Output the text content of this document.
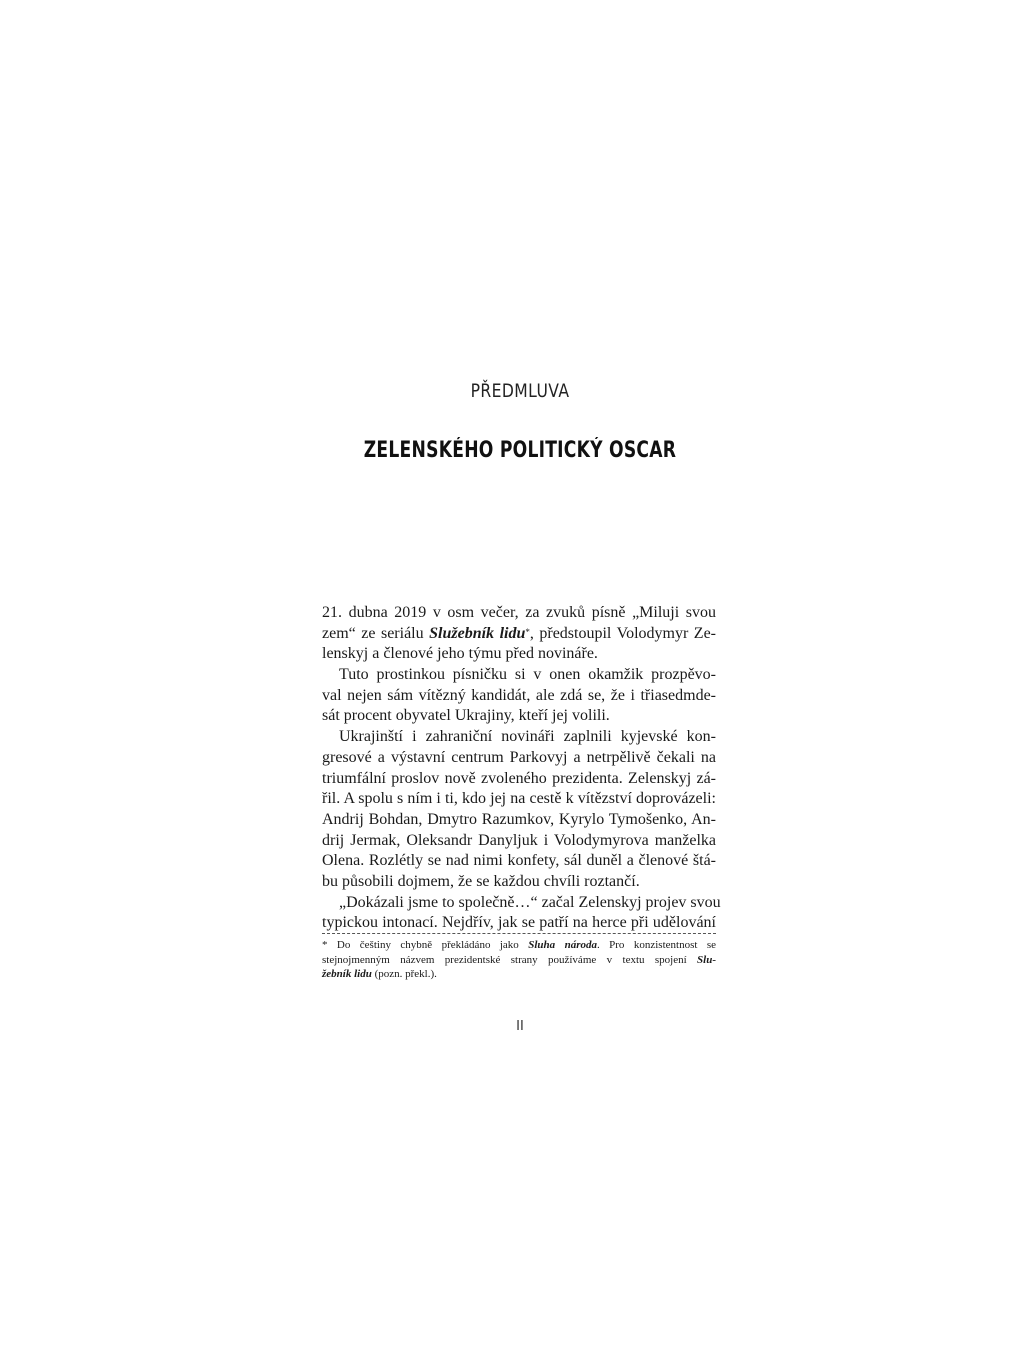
PŘEDMLUVA
ZELENSKÉHO POLITICKÝ OSCAR
21. dubna 2019 v osm večer, za zvuků písně „Miluji svou
zem“ ze seriálu Služebník lidu*, předstoupil Volodymyr Ze-
lenskyj a členové jeho týmu před novináře.
Tuto prostinkou písničku si v onen okamžik prozpěvo-
val nejen sám vítězný kandidát, ale zdá se, že i třiasedmde-
sát procent obyvatel Ukrajiny, kteří jej volili.
Ukrajinští i zahraniční novináři zaplnili kyjevské kon-
gresové a výstavní centrum Parkovyj a netrpělivě čekali na
triumfální proslov nově zvoleného prezidenta. Zelenskyj zá-
řil. A spolu s ním i ti, kdo jej na cestě k vítězství doprovázeli:
Andrij Bohdan, Dmytro Razumkov, Kyrylo Tymošenko, An-
drij Jermak, Oleksandr Danyljuk i Volodymyrova manželka
Olena. Rozlétly se nad nimi konfety, sál duněl a členové štá-
bu působili dojmem, že se každou chvíli roztančí.
„Dokázali jsme to společně…“ začal Zelenskyj projev svou
typickou intonací. Nejdřív, jak se patří na herce při udělování
* Do češtiny chybně překládáno jako Sluha národa. Pro konzistentnost se
stejnojmenným názvem prezidentské strany používáme v textu spojení Slu-
žebník lidu (pozn. překl.).
II
